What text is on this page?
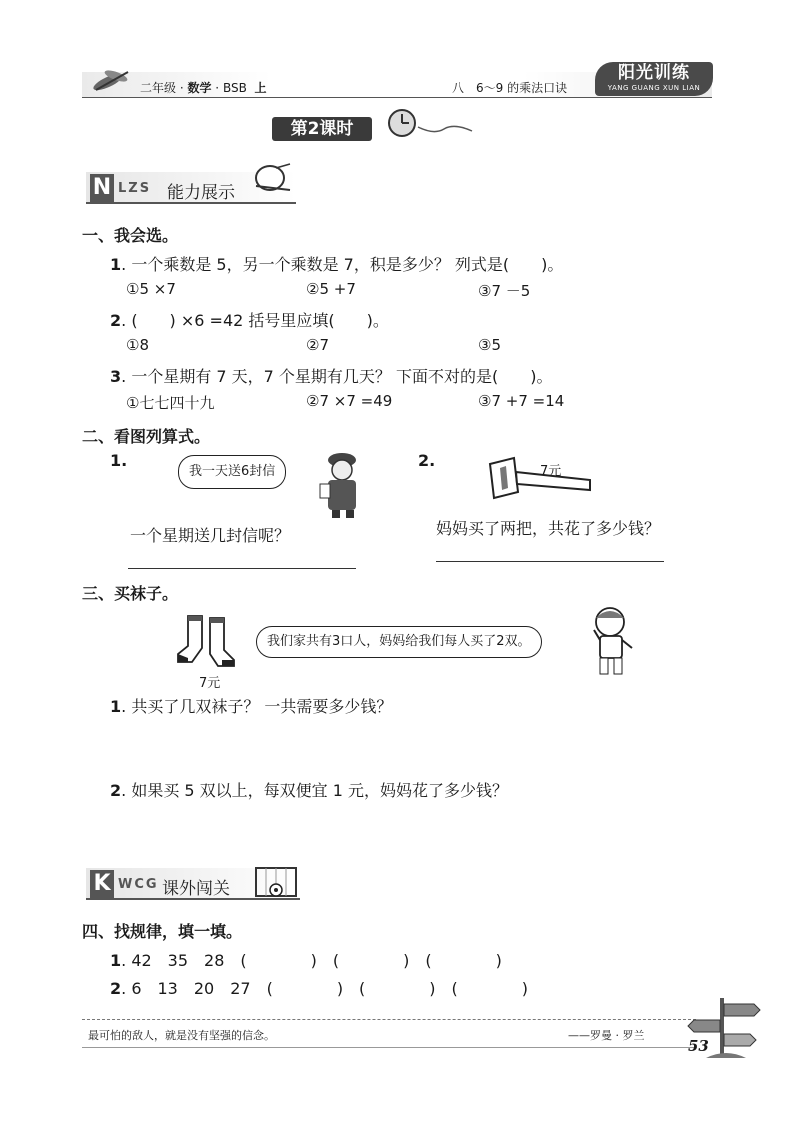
二年级 · 数学 · BSB 上	八　6～9 的乘法口诀
阳光训练
YANG GUANG XUN LIAN
第2课时
N LZS 能力展示
一、我会选。
1. 一个乘数是 5，另一个乘数是 7，积是多少？ 列式是(　　)。
①5 ×7	②5 +7	③7 －5
2. (　　) ×6 =42 括号里应填(　　)。
①8	②7	③5
3. 一个星期有 7 天，7 个星期有几天？ 下面不对的是(　　)。
①七七四十九	②7 ×7 =49	③7 +7 =14
二、看图列算式。
1.
我一天送6封信
一个星期送几封信呢？
2.
7元
妈妈买了两把，共花了多少钱？
三、买袜子。
7元
我们家共有3口人，妈妈给我们每人买了2双。
1. 共买了几双袜子？ 一共需要多少钱？
2. 如果买 5 双以上，每双便宜 1 元，妈妈花了多少钱？
K WCG 课外闯关
四、找规律，填一填。
1. 42　35　28　(　　　　)　(　　　　)　(　　　　)
2. 6　13　20　27　(　　　　)　(　　　　)　(　　　　)
最可怕的敌人，就是没有坚强的信念。	——罗曼 · 罗兰
53
